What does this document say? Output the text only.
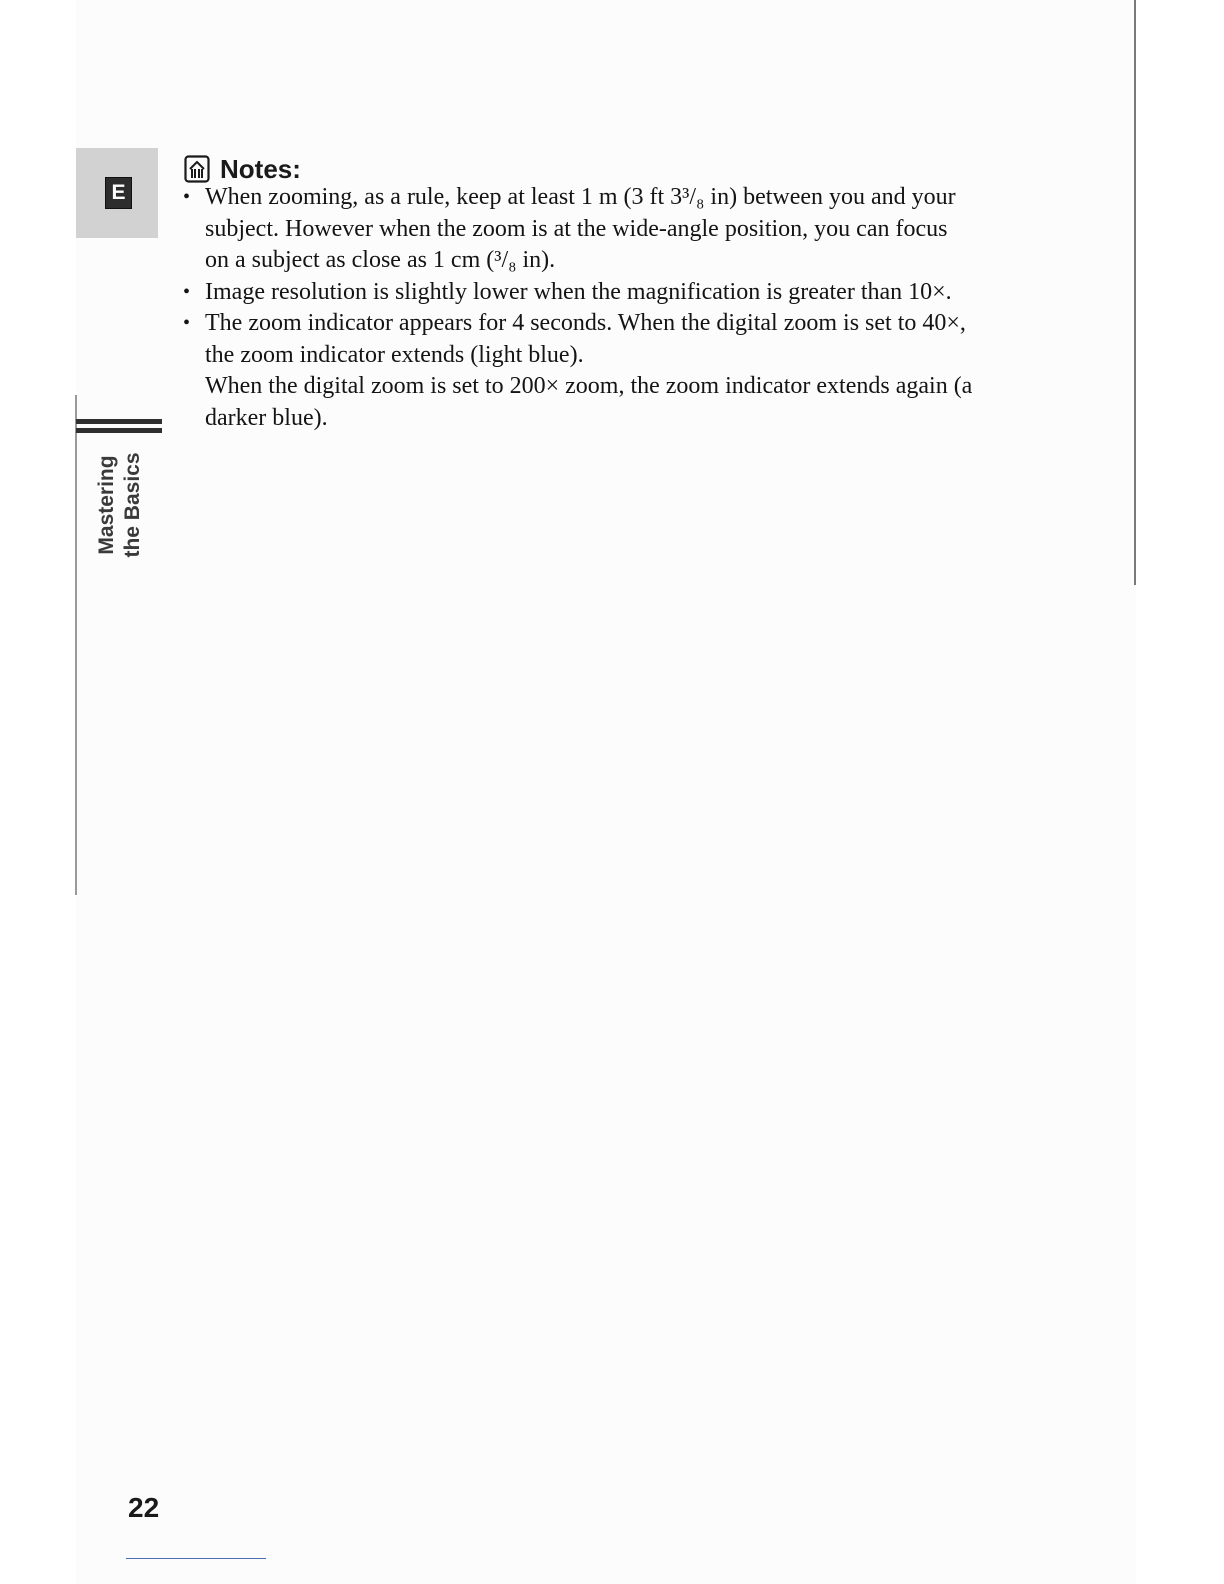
E
Mastering the Basics
Notes:
• When zooming, as a rule, keep at least 1 m (3 ft 3³/₈ in) between you and your
subject. However when the zoom is at the wide-angle position, you can focus
on a subject as close as 1 cm (³/₈ in).
• Image resolution is slightly lower when the magnification is greater than 10×.
• The zoom indicator appears for 4 seconds. When the digital zoom is set to 40×,
the zoom indicator extends (light blue).
When the digital zoom is set to 200× zoom, the zoom indicator extends again (a
darker blue).
22
